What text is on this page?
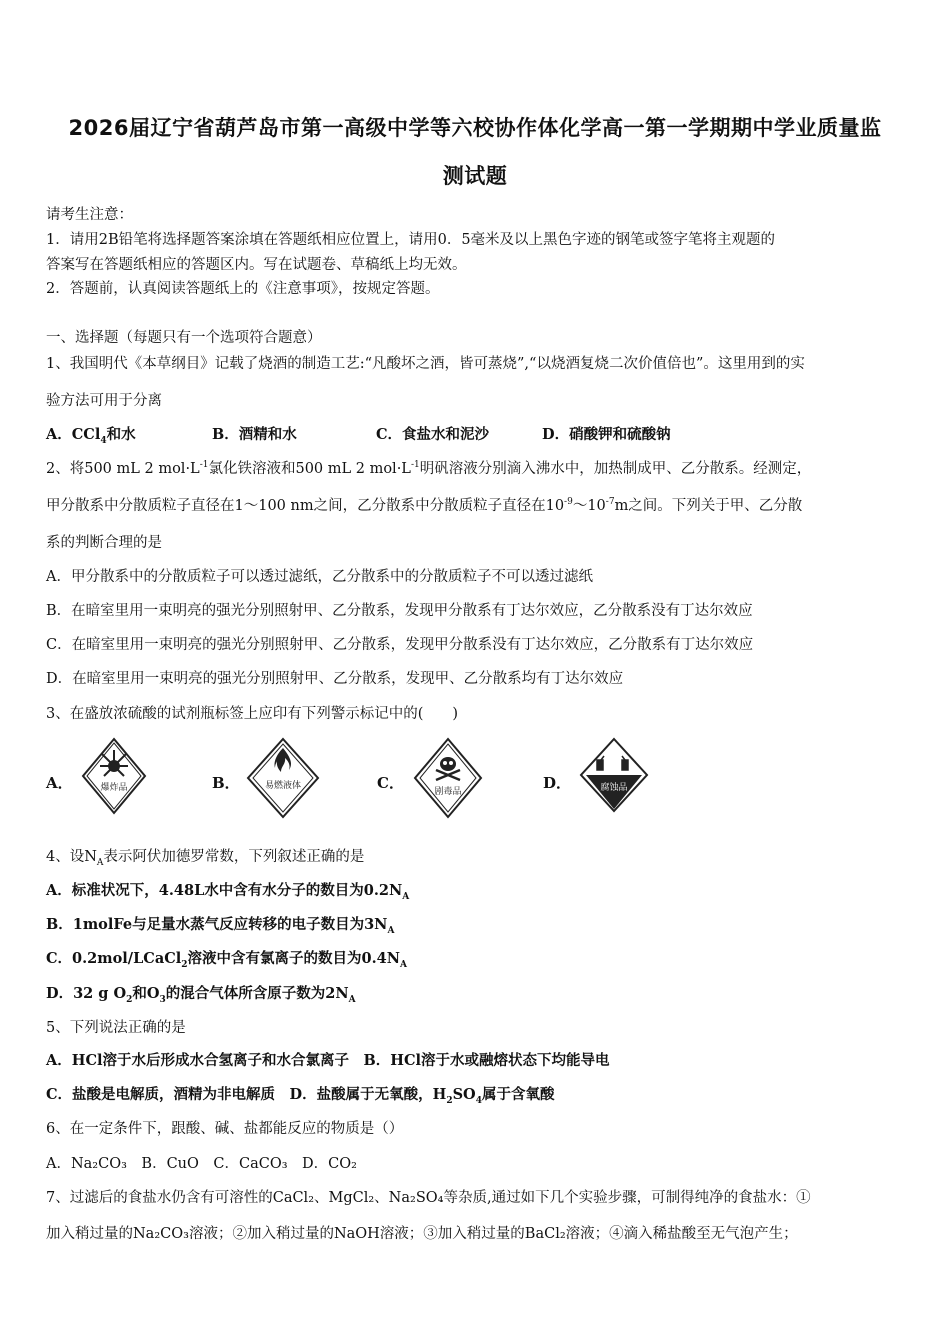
2026届辽宁省葫芦岛市第一高级中学等六校协作体化学高一第一学期期中学业质量监
测试题
请考生注意：
1．请用2B铅笔将选择题答案涂填在答题纸相应位置上，请用0．5毫米及以上黑色字迹的钢笔或签字笔将主观题的
答案写在答题纸相应的答题区内。写在试题卷、草稿纸上均无效。
2．答题前，认真阅读答题纸上的《注意事项》，按规定答题。
一、选择题（每题只有一个选项符合题意）
1、我国明代《本草纲目》记载了烧酒的制造工艺:“凡酸坏之酒，皆可蒸烧”,“以烧酒复烧二次价值倍也”。这里用到的实
验方法可用于分离
A．CCl$_4$和水	B．酒精和水	C．食盐水和泥沙	D．硝酸钾和硫酸钠
2、将500 mL 2 $mol\cdot L^{-1}$氯化铁溶液和500 mL 2 $mol\cdot L^{-1}$明矾溶液分别滴入沸水中，加热制成甲、乙分散系。经测定，
甲分散系中分散质粒子直径在1～100 nm之间，乙分散系中分散质粒子直径在$10^{-9}\sim 10^{-7}m$之间。下列关于甲、乙分散
系的判断合理的是
A．甲分散系中的分散质粒子可以透过滤纸，乙分散系中的分散质粒子不可以透过滤纸
B．在暗室里用一束明亮的强光分别照射甲、乙分散系，发现甲分散系有丁达尔效应，乙分散系没有丁达尔效应
C．在暗室里用一束明亮的强光分别照射甲、乙分散系，发现甲分散系没有丁达尔效应，乙分散系有丁达尔效应
D．在暗室里用一束明亮的强光分别照射甲、乙分散系，发现甲、乙分散系均有丁达尔效应
3、在盛放浓硫酸的试剂瓶标签上应印有下列警示标记中的(　　)
A．	B．	C．	D．
爆炸品	易燃液体
剧毒品	腐蚀品
4、设$N_A$表示阿伏加德罗常数，下列叙述正确的是
A．标准状况下，4.48L水中含有水分子的数目为$0.2N_A$
B．1molFe与足量水蒸气反应转移的电子数目为$3N_A$
C．0.2mol/LCaCl$_2$溶液中含有氯离子的数目为$0.4N_A$
D．32 g $O_2$和$O_3$的混合气体所含原子数为$2N_A$
5、下列说法正确的是
A．HCl溶于水后形成水合氢离子和水合氯离子　B．HCl溶于水或融熔状态下均能导电
C．盐酸是电解质，酒精为非电解质　D．盐酸属于无氧酸，$H_2SO_4$属于含氧酸
6、在一定条件下，跟酸、碱、盐都能反应的物质是（）
A．Na₂CO₃　B．CuO　C．CaCO₃　D．CO₂
7、过滤后的食盐水仍含有可溶性的CaCl₂、MgCl₂、Na₂SO₄等杂质,通过如下几个实验步骤，可制得纯净的食盐水：①
加入稍过量的Na₂CO₃溶液；②加入稍过量的NaOH溶液；③加入稍过量的BaCl₂溶液；④滴入稀盐酸至无气泡产生；
